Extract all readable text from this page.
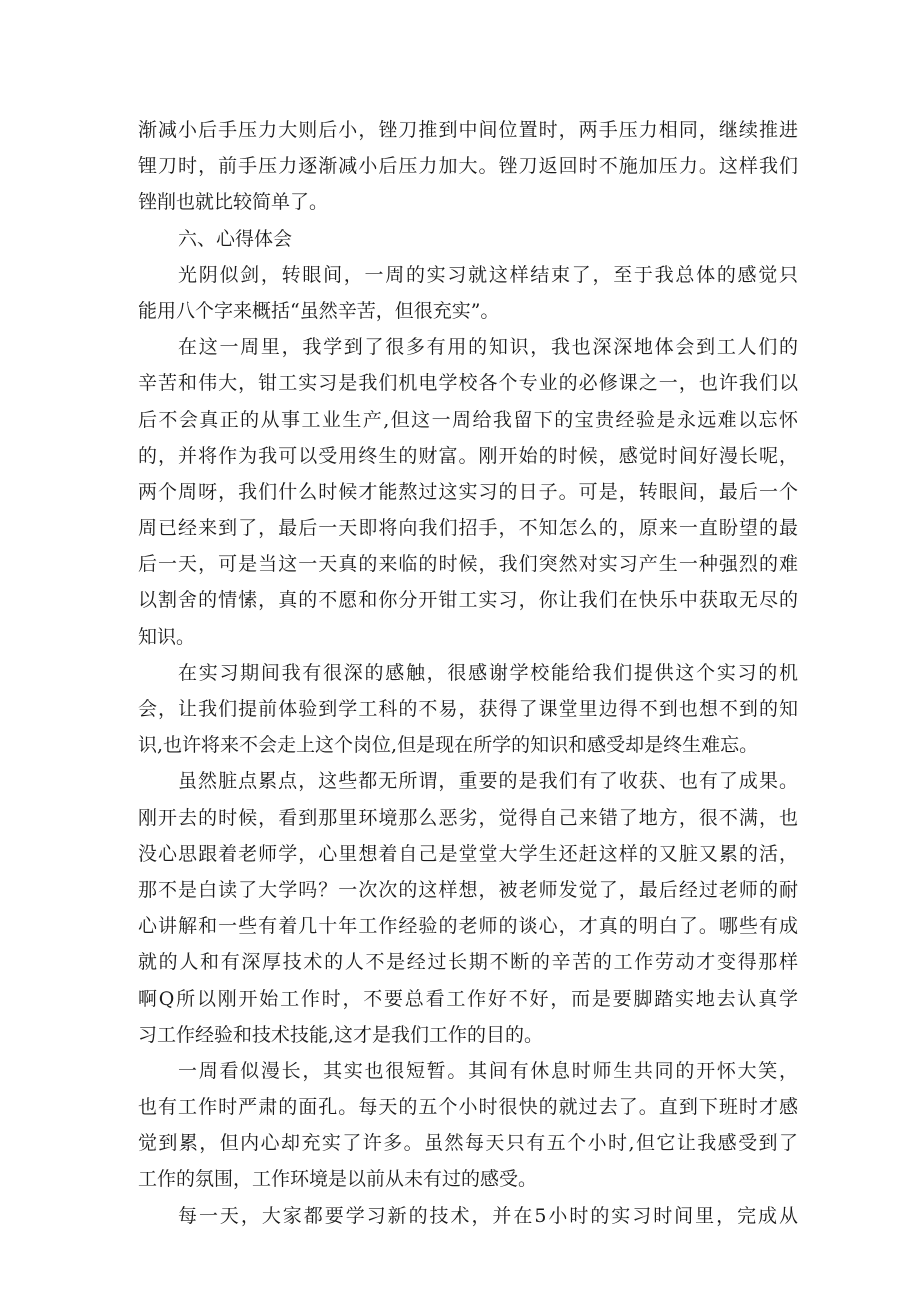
渐减小后手压力大则后小，锉刀推到中间位置时，两手压力相同，继续推进
锂刀时，前手压力逐渐减小后压力加大。锉刀返回时不施加压力。这样我们
锉削也就比较简单了。
六、心得体会
光阴似剑，转眼间，一周的实习就这样结束了，至于我总体的感觉只
能用八个字来概括“虽然辛苦，但很充实”。
在这一周里，我学到了很多有用的知识，我也深深地体会到工人们的
辛苦和伟大，钳工实习是我们机电学校各个专业的必修课之一，也许我们以
后不会真正的从事工业生产,但这一周给我留下的宝贵经验是永远难以忘怀
的，并将作为我可以受用终生的财富。刚开始的时候，感觉时间好漫长呢，
两个周呀，我们什么时候才能熬过这实习的日子。可是，转眼间，最后一个
周已经来到了，最后一天即将向我们招手，不知怎么的，原来一直盼望的最
后一天，可是当这一天真的来临的时候，我们突然对实习产生一种强烈的难
以割舍的情愫，真的不愿和你分开钳工实习，你让我们在快乐中获取无尽的
知识。
在实习期间我有很深的感触，很感谢学校能给我们提供这个实习的机
会，让我们提前体验到学工科的不易，获得了课堂里边得不到也想不到的知
识,也许将来不会走上这个岗位,但是现在所学的知识和感受却是终生难忘。
虽然脏点累点，这些都无所谓，重要的是我们有了收获、也有了成果。
刚开去的时候，看到那里环境那么恶劣，觉得自己来错了地方，很不满，也
没心思跟着老师学，心里想着自己是堂堂大学生还赶这样的又脏又累的活，
那不是白读了大学吗？一次次的这样想，被老师发觉了，最后经过老师的耐
心讲解和一些有着几十年工作经验的老师的谈心，才真的明白了。哪些有成
就的人和有深厚技术的人不是经过长期不断的辛苦的工作劳动才变得那样
啊Q所以刚开始工作时，不要总看工作好不好，而是要脚踏实地去认真学
习工作经验和技术技能,这才是我们工作的目的。
一周看似漫长，其实也很短暂。其间有休息时师生共同的开怀大笑，
也有工作时严肃的面孔。每天的五个小时很快的就过去了。直到下班时才感
觉到累，但内心却充实了许多。虽然每天只有五个小时,但它让我感受到了
工作的氛围，工作环境是以前从未有过的感受。
每一天，大家都要学习新的技术，并在5小时的实习时间里，完成从
